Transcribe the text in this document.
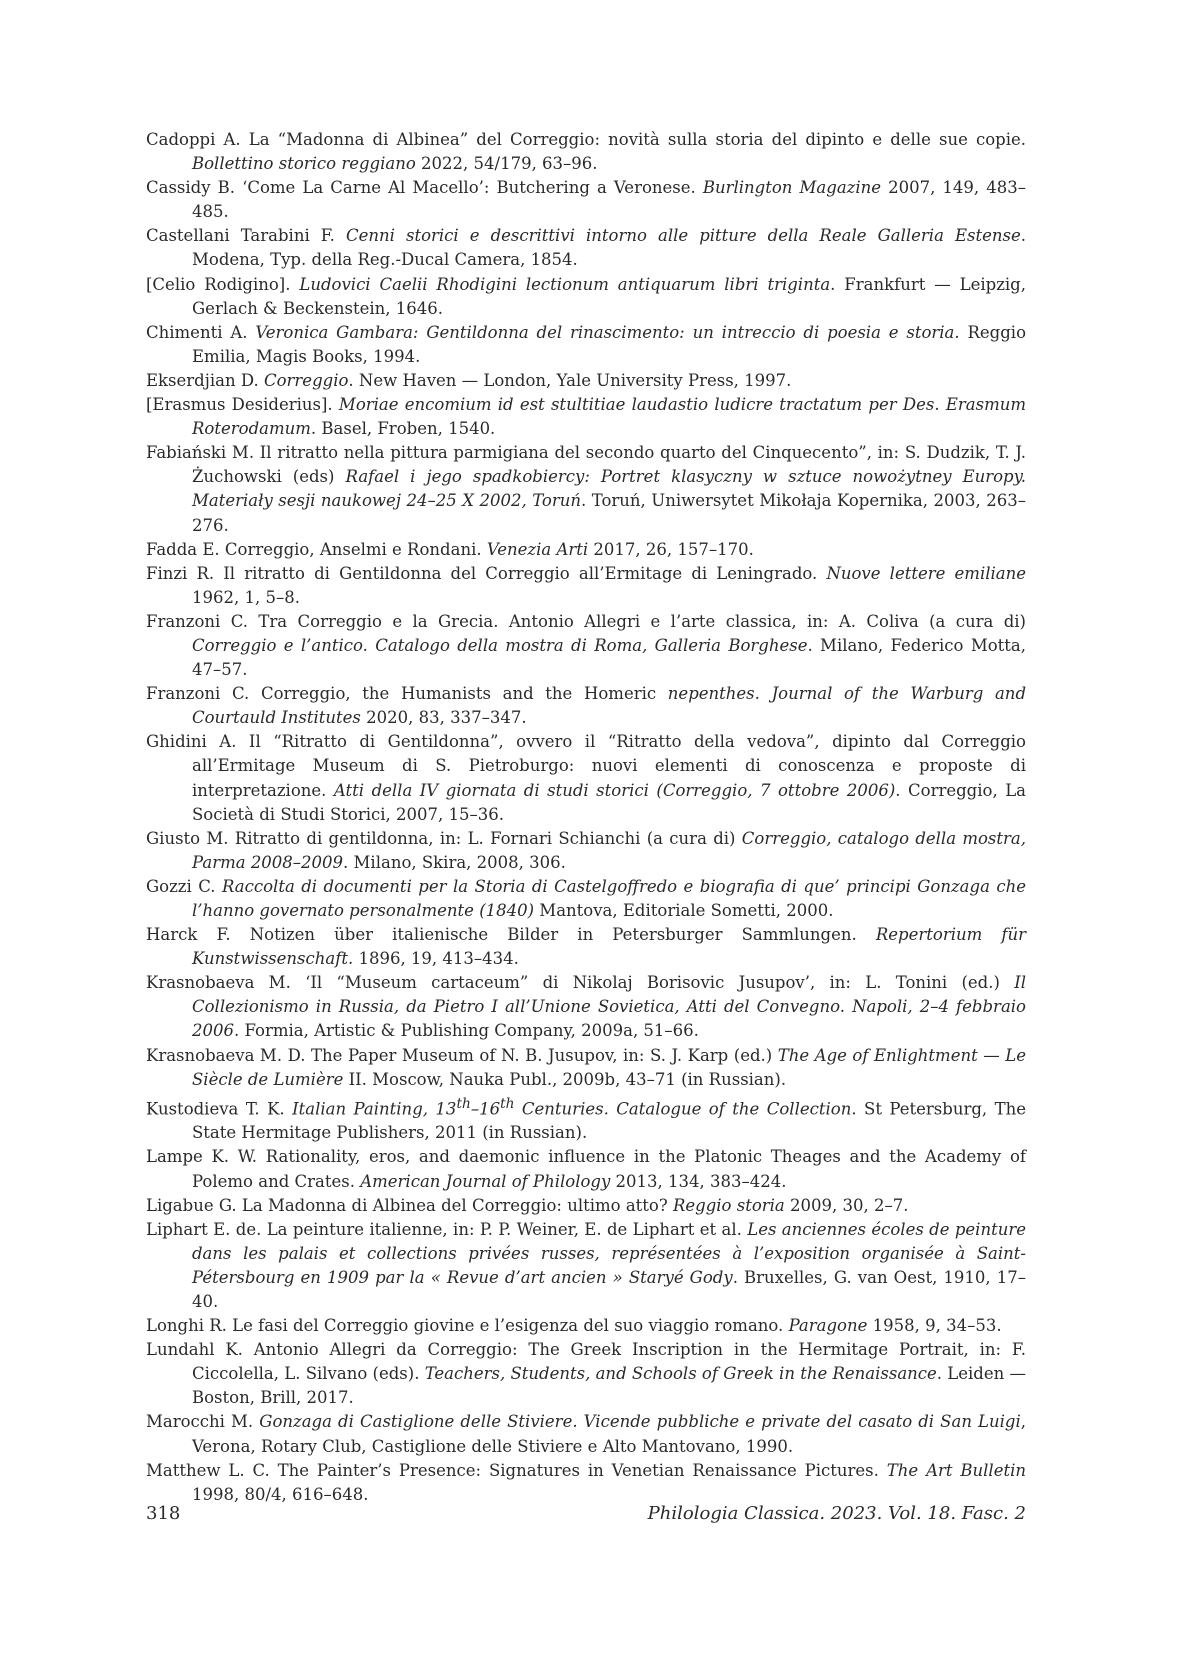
Cadoppi A. La “Madonna di Albinea” del Correggio: novità sulla storia del dipinto e delle sue copie. Bollettino storico reggiano 2022, 54/179, 63–96.

Cassidy B. ‘Come La Carne Al Macello’: Butchering a Veronese. Burlington Magazine 2007, 149, 483–485.

Castellani Tarabini F. Cenni storici e descrittivi intorno alle pitture della Reale Galleria Estense. Modena, Typ. della Reg.-Ducal Camera, 1854.

[Celio Rodigino]. Ludovici Caelii Rhodigini lectionum antiquarum libri triginta. Frankfurt — Leipzig, Gerlach & Beckenstein, 1646.

Chimenti A. Veronica Gambara: Gentildonna del rinascimento: un intreccio di poesia e storia. Reggio Emilia, Magis Books, 1994.

Ekserdjian D. Correggio. New Haven — London, Yale University Press, 1997.

[Erasmus Desiderius]. Moriae encomium id est stultitiae laudastio ludicre tractatum per Des. Erasmum Roterodamum. Basel, Froben, 1540.

Fabiański M. Il ritratto nella pittura parmigiana del secondo quarto del Cinquecento”, in: S. Dudzik, T. J. Żuchowski (eds) Rafael i jego spadkobiercy: Portret klasyczny w sztuce nowożytney Europy. Materiały sesji naukowej 24–25 X 2002, Toruń. Toruń, Uniwersytet Mikołaja Kopernika, 2003, 263–276.

Fadda E. Correggio, Anselmi e Rondani. Venezia Arti 2017, 26, 157–170.

Finzi R. Il ritratto di Gentildonna del Correggio all’Ermitage di Leningrado. Nuove lettere emiliane 1962, 1, 5–8.

Franzoni C. Tra Correggio e la Grecia. Antonio Allegri e l’arte classica, in: A. Coliva (a cura di) Correggio e l’antico. Catalogo della mostra di Roma, Galleria Borghese. Milano, Federico Motta, 47–57.

Franzoni C. Correggio, the Humanists and the Homeric nepenthes. Journal of the Warburg and Courtauld Institutes 2020, 83, 337–347.

Ghidini A. Il “Ritratto di Gentildonna”, ovvero il “Ritratto della vedova”, dipinto dal Correggio all’Ermitage Museum di S. Pietroburgo: nuovi elementi di conoscenza e proposte di interpretazione. Atti della IV giornata di studi storici (Correggio, 7 ottobre 2006). Correggio, La Società di Studi Storici, 2007, 15–36.

Giusto M. Ritratto di gentildonna, in: L. Fornari Schianchi (a cura di) Correggio, catalogo della mostra, Parma 2008–2009. Milano, Skira, 2008, 306.

Gozzi C. Raccolta di documenti per la Storia di Castelgoffredo e biografia di que’ principi Gonzaga che l’hanno governato personalmente (1840) Mantova, Editoriale Sometti, 2000.

Harck F. Notizen über italienische Bilder in Petersburger Sammlungen. Repertorium für Kunstwissenschaft. 1896, 19, 413–434.

Krasnobaeva M. ‘Il “Museum cartaceum” di Nikolaj Borisovic Jusupov’, in: L. Tonini (ed.) Il Collezionismo in Russia, da Pietro I all’Unione Sovietica, Atti del Convegno. Napoli, 2–4 febbraio 2006. Formia, Artistic & Publishing Company, 2009a, 51–66.

Krasnobaeva M. D. The Paper Museum of N. B. Jusupov, in: S. J. Karp (ed.) The Age of Enlightment — Le Siècle de Lumière II. Moscow, Nauka Publ., 2009b, 43–71 (in Russian).

Kustodieva T. K. Italian Painting, 13th–16th Centuries. Catalogue of the Collection. St Petersburg, The State Hermitage Publishers, 2011 (in Russian).

Lampe K. W. Rationality, eros, and daemonic influence in the Platonic Theages and the Academy of Polemo and Crates. American Journal of Philology 2013, 134, 383–424.

Ligabue G. La Madonna di Albinea del Correggio: ultimo atto? Reggio storia 2009, 30, 2–7.

Liphart E. de. La peinture italienne, in: P. P. Weiner, E. de Liphart et al. Les anciennes écoles de peinture dans les palais et collections privées russes, représentées à l’exposition organisée à Saint-Pétersbourg en 1909 par la « Revue d’art ancien » Staryé Gody. Bruxelles, G. van Oest, 1910, 17–40.

Longhi R. Le fasi del Correggio giovine e l’esigenza del suo viaggio romano. Paragone 1958, 9, 34–53.

Lundahl K. Antonio Allegri da Correggio: The Greek Inscription in the Hermitage Portrait, in: F. Ciccolella, L. Silvano (eds). Teachers, Students, and Schools of Greek in the Renaissance. Leiden — Boston, Brill, 2017.

Marocchi M. Gonzaga di Castiglione delle Stiviere. Vicende pubbliche e private del casato di San Luigi, Verona, Rotary Club, Castiglione delle Stiviere e Alto Mantovano, 1990.

Matthew L. C. The Painter’s Presence: Signatures in Venetian Renaissance Pictures. The Art Bulletin 1998, 80/4, 616–648.

318	Philologia Classica. 2023. Vol. 18. Fasc. 2
